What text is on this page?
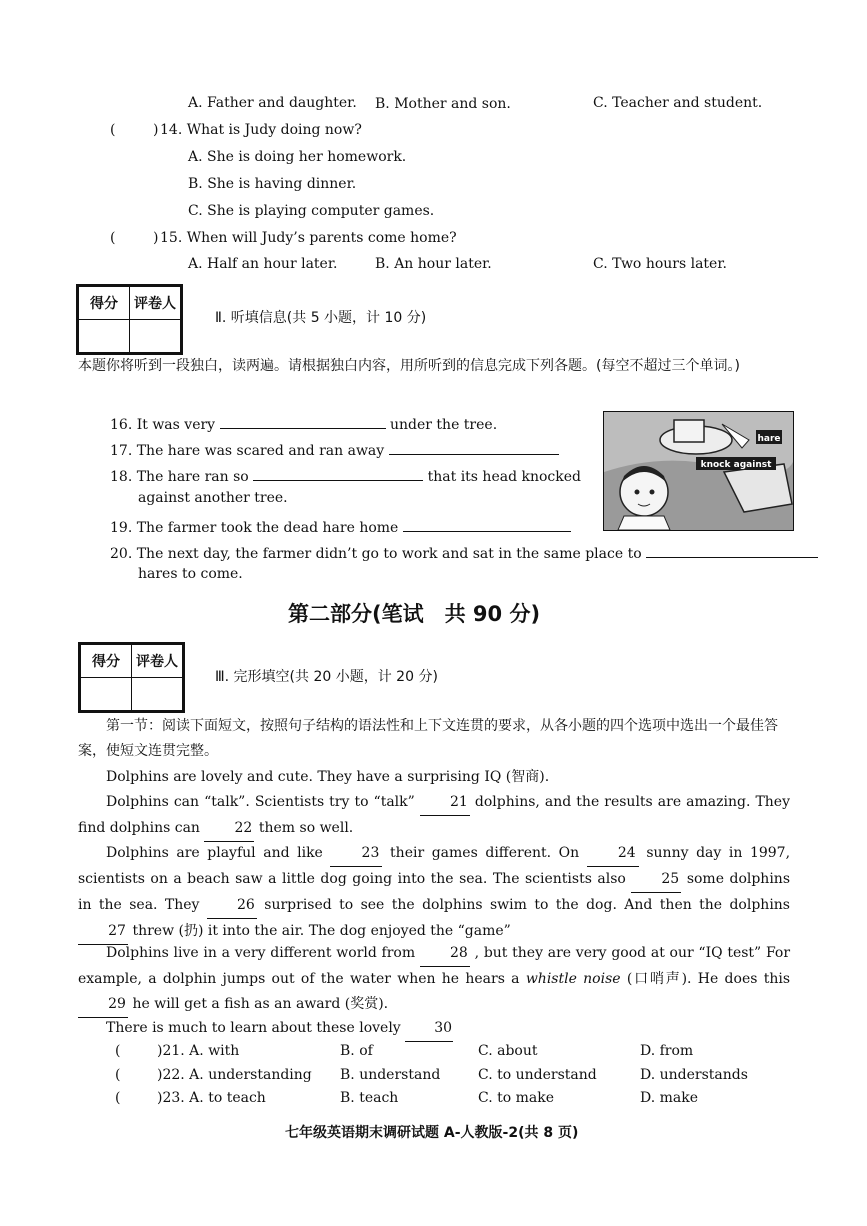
A. Father and daughter. B. Mother and son.	C. Teacher and student.
(	) 14. What is Judy doing now?
A. She is doing her homework.
B. She is having dinner.
C. She is playing computer games.
(	) 15. When will Judy’s parents come home?
A. Half an hour later.	B. An hour later.	C. Two hours later.
得分	评卷人

Ⅱ. 听填信息(共 5 小题，计 10 分)
本题你将听到一段独白，读两遍。请根据独白内容，用所听到的信息完成下列各题。(每空不超过三个单词。)
16. It was very	under the tree.
17. The hare was scared and ran away
18. The hare ran so	that its head knocked
against another tree.
19. The farmer took the dead hare home
20. The next day, the farmer didn’t go to work and sat in the same place to
hares to come.
hare
knock against
第二部分(笔试　共 90 分)
得分	评卷人

Ⅲ. 完形填空(共 20 小题，计 20 分)
第一节：阅读下面短文，按照句子结构的语法性和上下文连贯的要求，从各小题的四个选项中选出一个最佳答案，使短文连贯完整。
Dolphins are lovely and cute. They have a surprising IQ (智商).
Dolphins can “talk”. Scientists try to “talk”	21 dolphins, and the results are amazing. They find dolphins can 22 them so well.
Dolphins are playful and like	23 their games different. On	24 sunny day in 1997, scientists on a beach saw a little dog going into the sea. The scientists also	25 some dolphins in the sea. They	26 surprised to see the dolphins swim to the dog. And then the dolphins 27 threw (扔) it into the air. The dog enjoyed the “game”
Dolphins live in a very different world from 28 , but they are very good at our “IQ test” For example, a dolphin jumps out of the water when he hears a whistle noise (口哨声). He does this 29 he will get a fish as an award (奖赏).
There is much to learn about these lovely 30
(	)21. A. with	B. of	C. about	D. from
(	)22. A. understanding B. understand	C. to understand	D. understands
(	)23. A. to teach	B. teach	C. to make	D. make
七年级英语期末调研试题 A-人教版-2(共 8 页)
